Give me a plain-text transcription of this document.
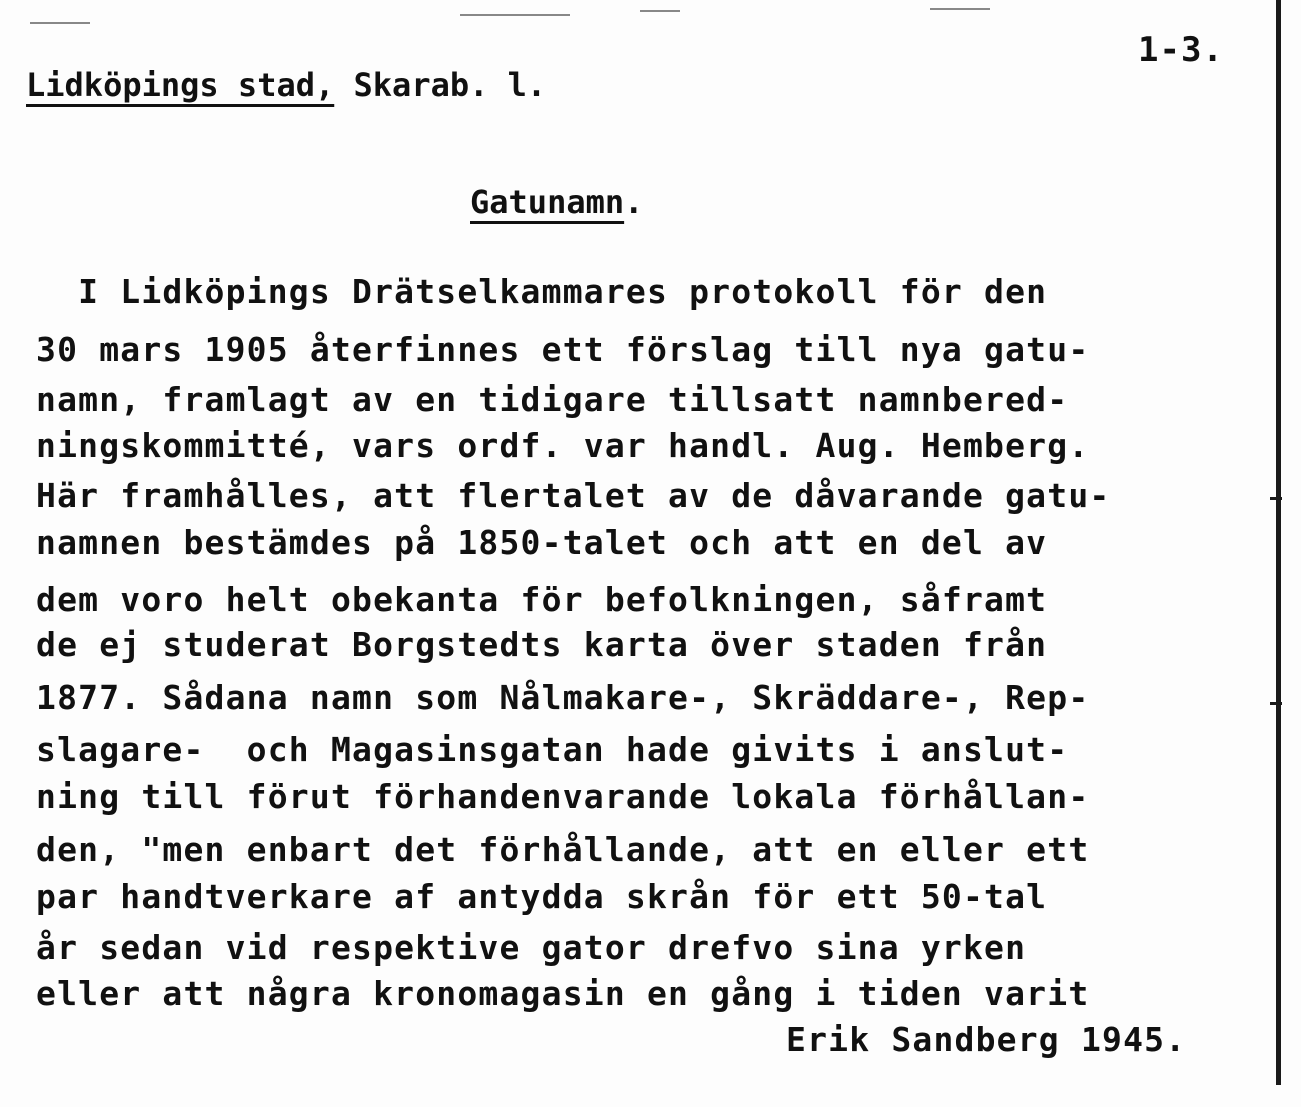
1-3.
Lidköpings stad, Skarab. l.
Gatunamn.
I Lidköpings Drätselkammares protokoll för den
30 mars 1905 återfinnes ett förslag till nya gatu-
namn, framlagt av en tidigare tillsatt namnbered-
ningskommitté, vars ordf. var handl. Aug. Hemberg.
Här framhålles, att flertalet av de dåvarande gatu-
namnen bestämdes på 1850-talet och att en del av
dem voro helt obekanta för befolkningen, såframt
de ej studerat Borgstedts karta över staden från
1877. Sådana namn som Nålmakare-, Skräddare-, Rep-
slagare-  och Magasinsgatan hade givits i anslut-
ning till förut förhandenvarande lokala förhållan-
den, "men enbart det förhållande, att en eller ett
par handtverkare af antydda skrån för ett 50-tal
år sedan vid respektive gator drefvo sina yrken
eller att några kronomagasin en gång i tiden varit
Erik Sandberg 1945.
